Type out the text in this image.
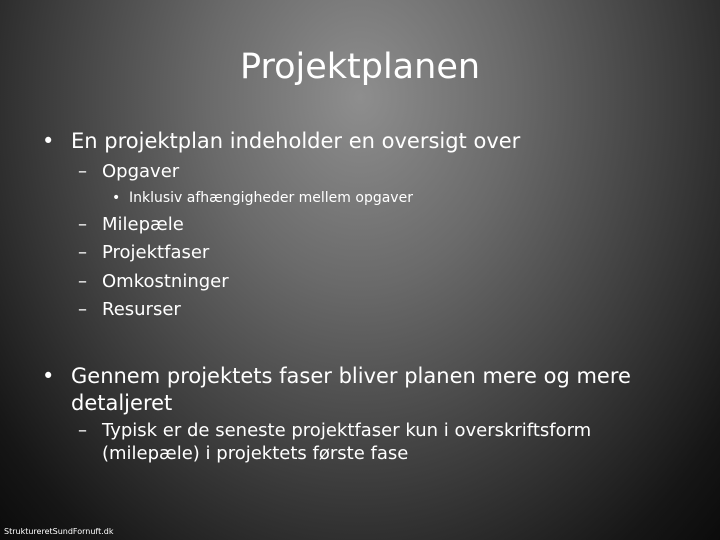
Projektplanen
• En projektplan indeholder en oversigt over
– Opgaver
• Inklusiv afhængigheder mellem opgaver
– Milepæle
– Projektfaser
– Omkostninger
– Resurser
• Gennem projektets faser bliver planen mere og mere
detaljeret
– Typisk er de seneste projektfaser kun i overskriftsform
(milepæle) i projektets første fase
StruktureretSundFornuft.dk
